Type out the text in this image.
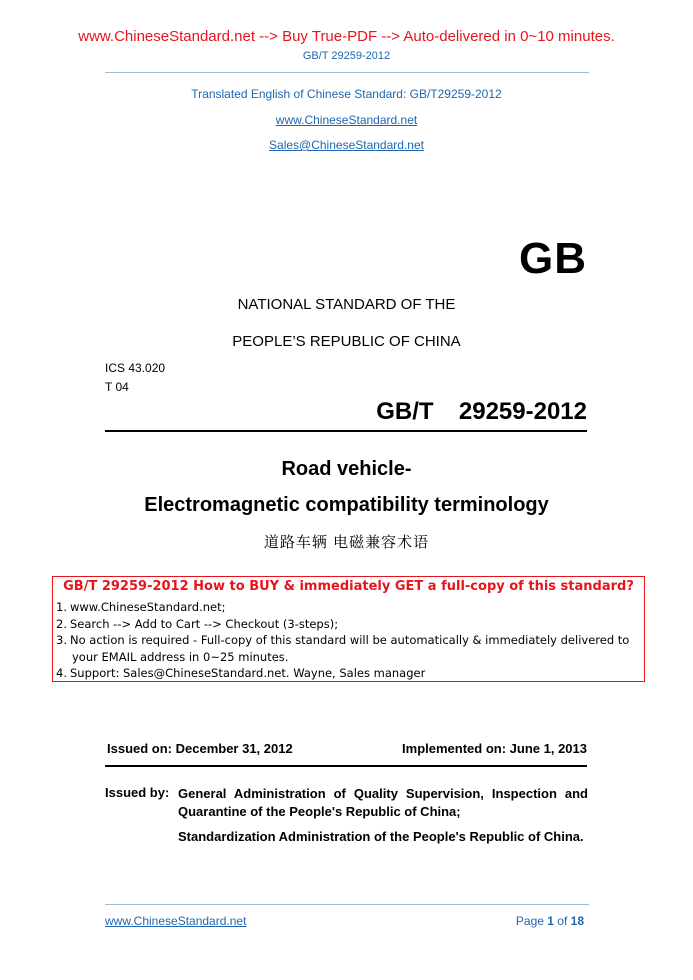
www.ChineseStandard.net --> Buy True-PDF --> Auto-delivered in 0~10 minutes.
GB/T 29259-2012
Translated English of Chinese Standard: GB/T29259-2012
www.ChineseStandard.net
Sales@ChineseStandard.net
GB
NATIONAL STANDARD OF THE
PEOPLE’S REPUBLIC OF CHINA
ICS 43.020
T 04
GB/T  29259-2012
Road vehicle-
Electromagnetic compatibility terminology
道路车辆 电磁兼容术语
GB/T 29259-2012 How to BUY & immediately GET a full-copy of this standard?
1. www.ChineseStandard.net;
2. Search --> Add to Cart --> Checkout (3-steps);
3. No action is required - Full-copy of this standard will be automatically & immediately delivered to
your EMAIL address in 0~25 minutes.
4. Support: Sales@ChineseStandard.net. Wayne, Sales manager
Issued on: December 31, 2012	Implemented on: June 1, 2013
Issued by: General Administration of Quality Supervision, Inspection and Quarantine of the People's Republic of China;
Standardization Administration of the People's Republic of China.
www.ChineseStandard.net	Page 1 of 18
